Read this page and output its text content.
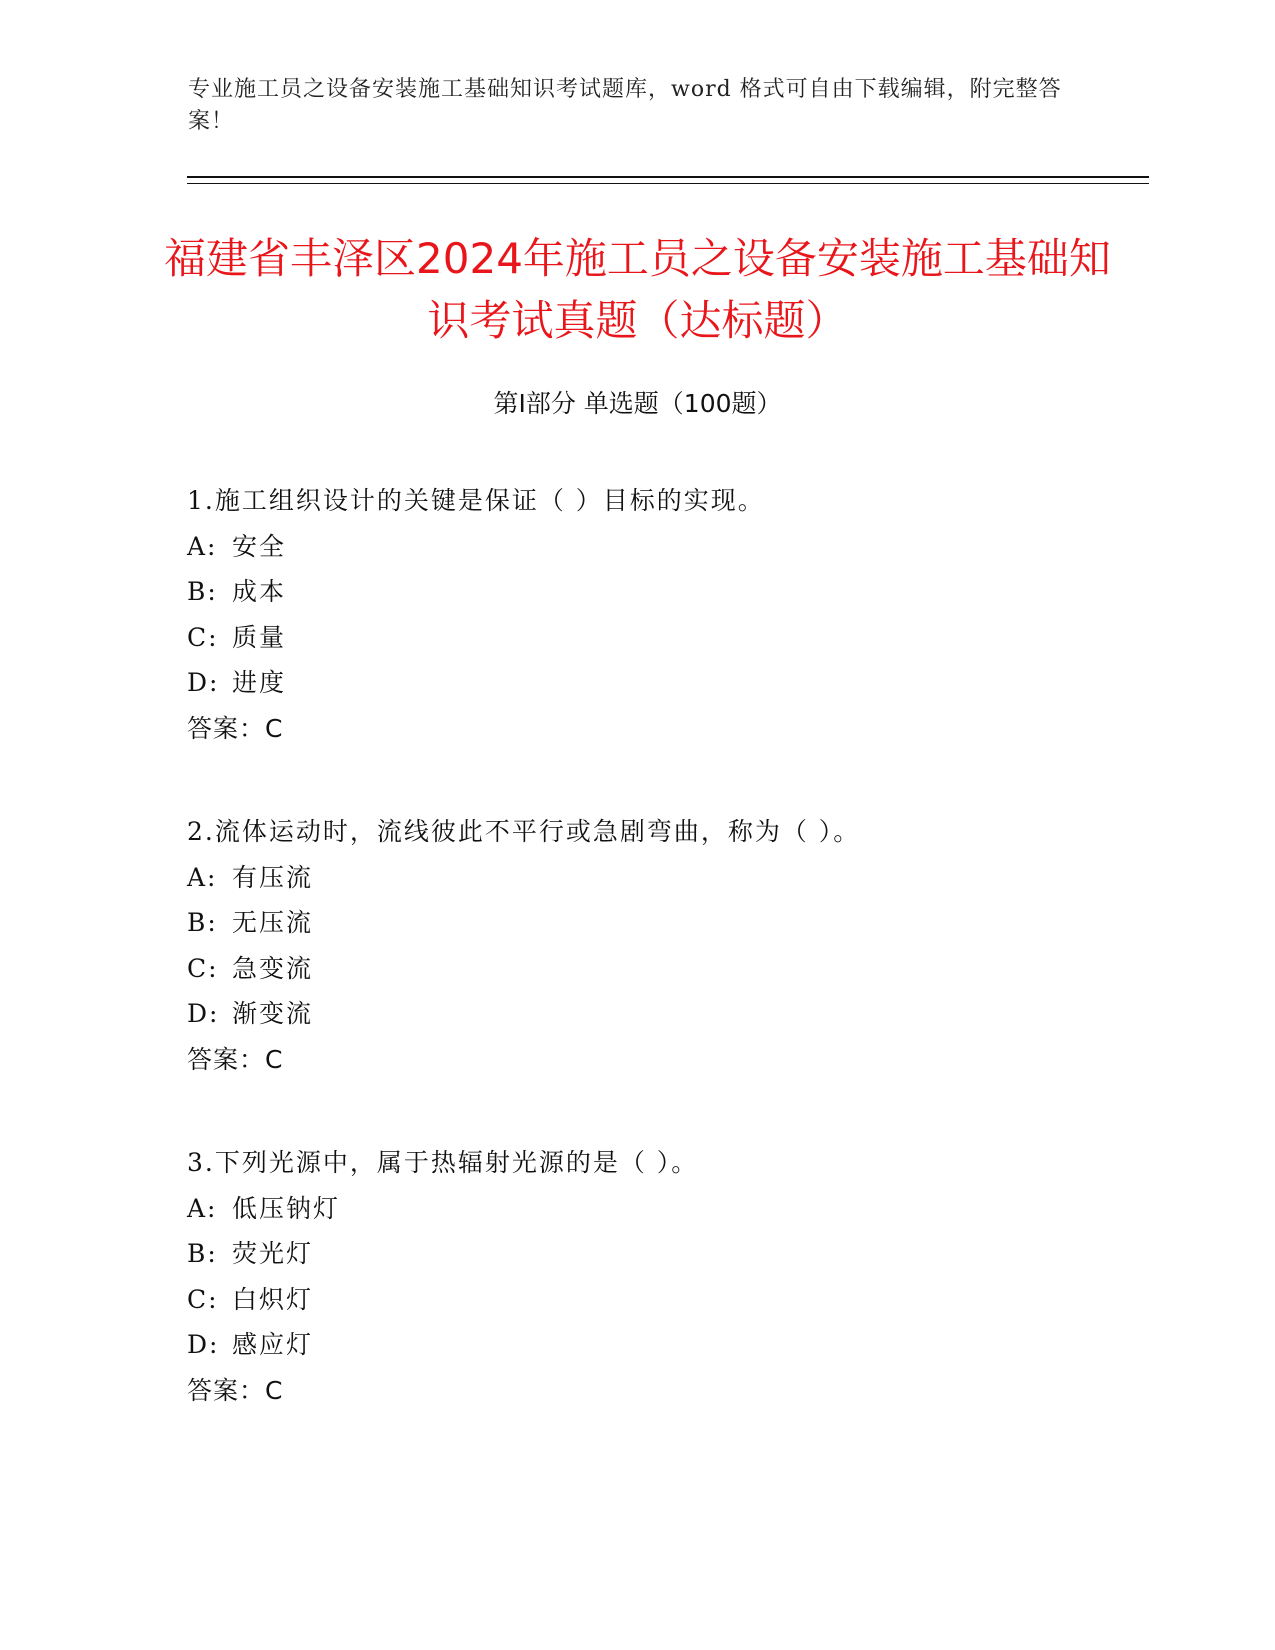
专业施工员之设备安装施工基础知识考试题库，word 格式可自由下载编辑，附完整答案！
福建省丰泽区2024年施工员之设备安装施工基础知识考试真题（达标题）
第Ⅰ部分 单选题（100题）
1.施工组织设计的关键是保证（ ）目标的实现。
A: 安全
B: 成本
C: 质量
D: 进度
答案：C
2.流体运动时，流线彼此不平行或急剧弯曲，称为（ ）。
A: 有压流
B: 无压流
C: 急变流
D: 渐变流
答案：C
3.下列光源中，属于热辐射光源的是（ ）。
A: 低压钠灯
B: 荧光灯
C: 白炽灯
D: 感应灯
答案：C
